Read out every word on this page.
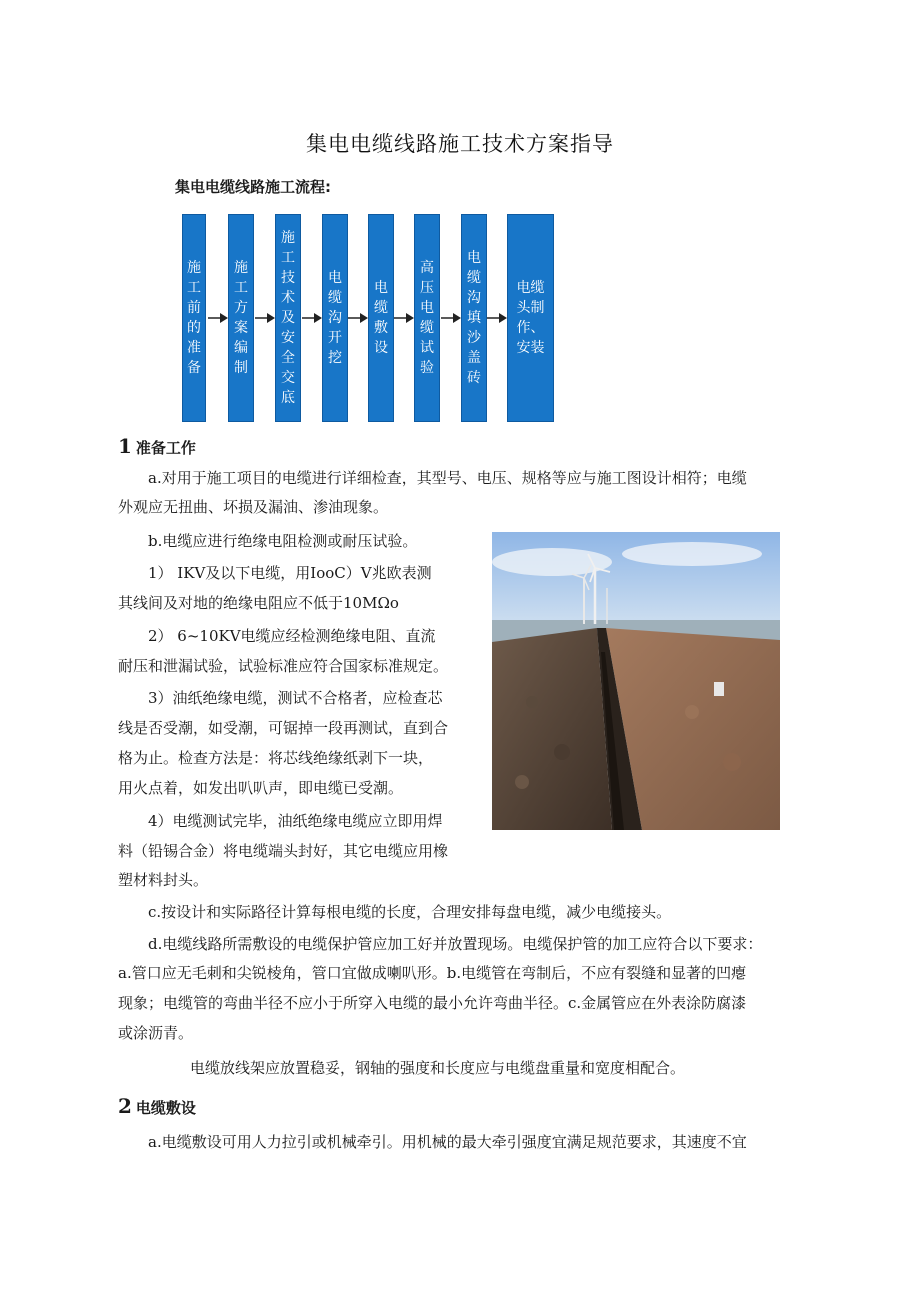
集电电缆线路施工技术方案指导
集电电缆线路施工流程:
施工前的准备
施工方案编制
施工技术及安全交底
电缆沟开挖
电缆敷设
高压电缆试验
电缆沟填沙盖砖
电缆头制作、安装
1 准备工作
a.对用于施工项目的电缆进行详细检查，其型号、电压、规格等应与施工图设计相符；电缆
外观应无扭曲、坏损及漏油、渗油现象。
b.电缆应进行绝缘电阻检测或耐压试验。
1） IKV及以下电缆，用IooC）V兆欧表测
其线间及对地的绝缘电阻应不低于10MΩo
2） 6~10KV电缆应经检测绝缘电阻、直流
耐压和泄漏试验，试验标准应符合国家标准规定。
3）油纸绝缘电缆，测试不合格者，应检查芯
线是否受潮，如受潮，可锯掉一段再测试，直到合
格为止。检查方法是：将芯线绝缘纸剥下一块，
用火点着，如发出叭叭声，即电缆已受潮。
4）电缆测试完毕，油纸绝缘电缆应立即用焊
料（铅锡合金）将电缆端头封好，其它电缆应用橡
塑材料封头。
c.按设计和实际路径计算每根电缆的长度，合理安排每盘电缆，减少电缆接头。
d.电缆线路所需敷设的电缆保护管应加工好并放置现场。电缆保护管的加工应符合以下要求：
a.管口应无毛刺和尖锐棱角，管口宜做成喇叭形。b.电缆管在弯制后，不应有裂缝和显著的凹瘪
现象；电缆管的弯曲半径不应小于所穿入电缆的最小允许弯曲半径。c.金属管应在外表涂防腐漆
或涂沥青。
电缆放线架应放置稳妥，钢轴的强度和长度应与电缆盘重量和宽度相配合。
2 电缆敷设
a.电缆敷设可用人力拉引或机械牵引。用机械的最大牵引强度宜满足规范要求，其速度不宜
